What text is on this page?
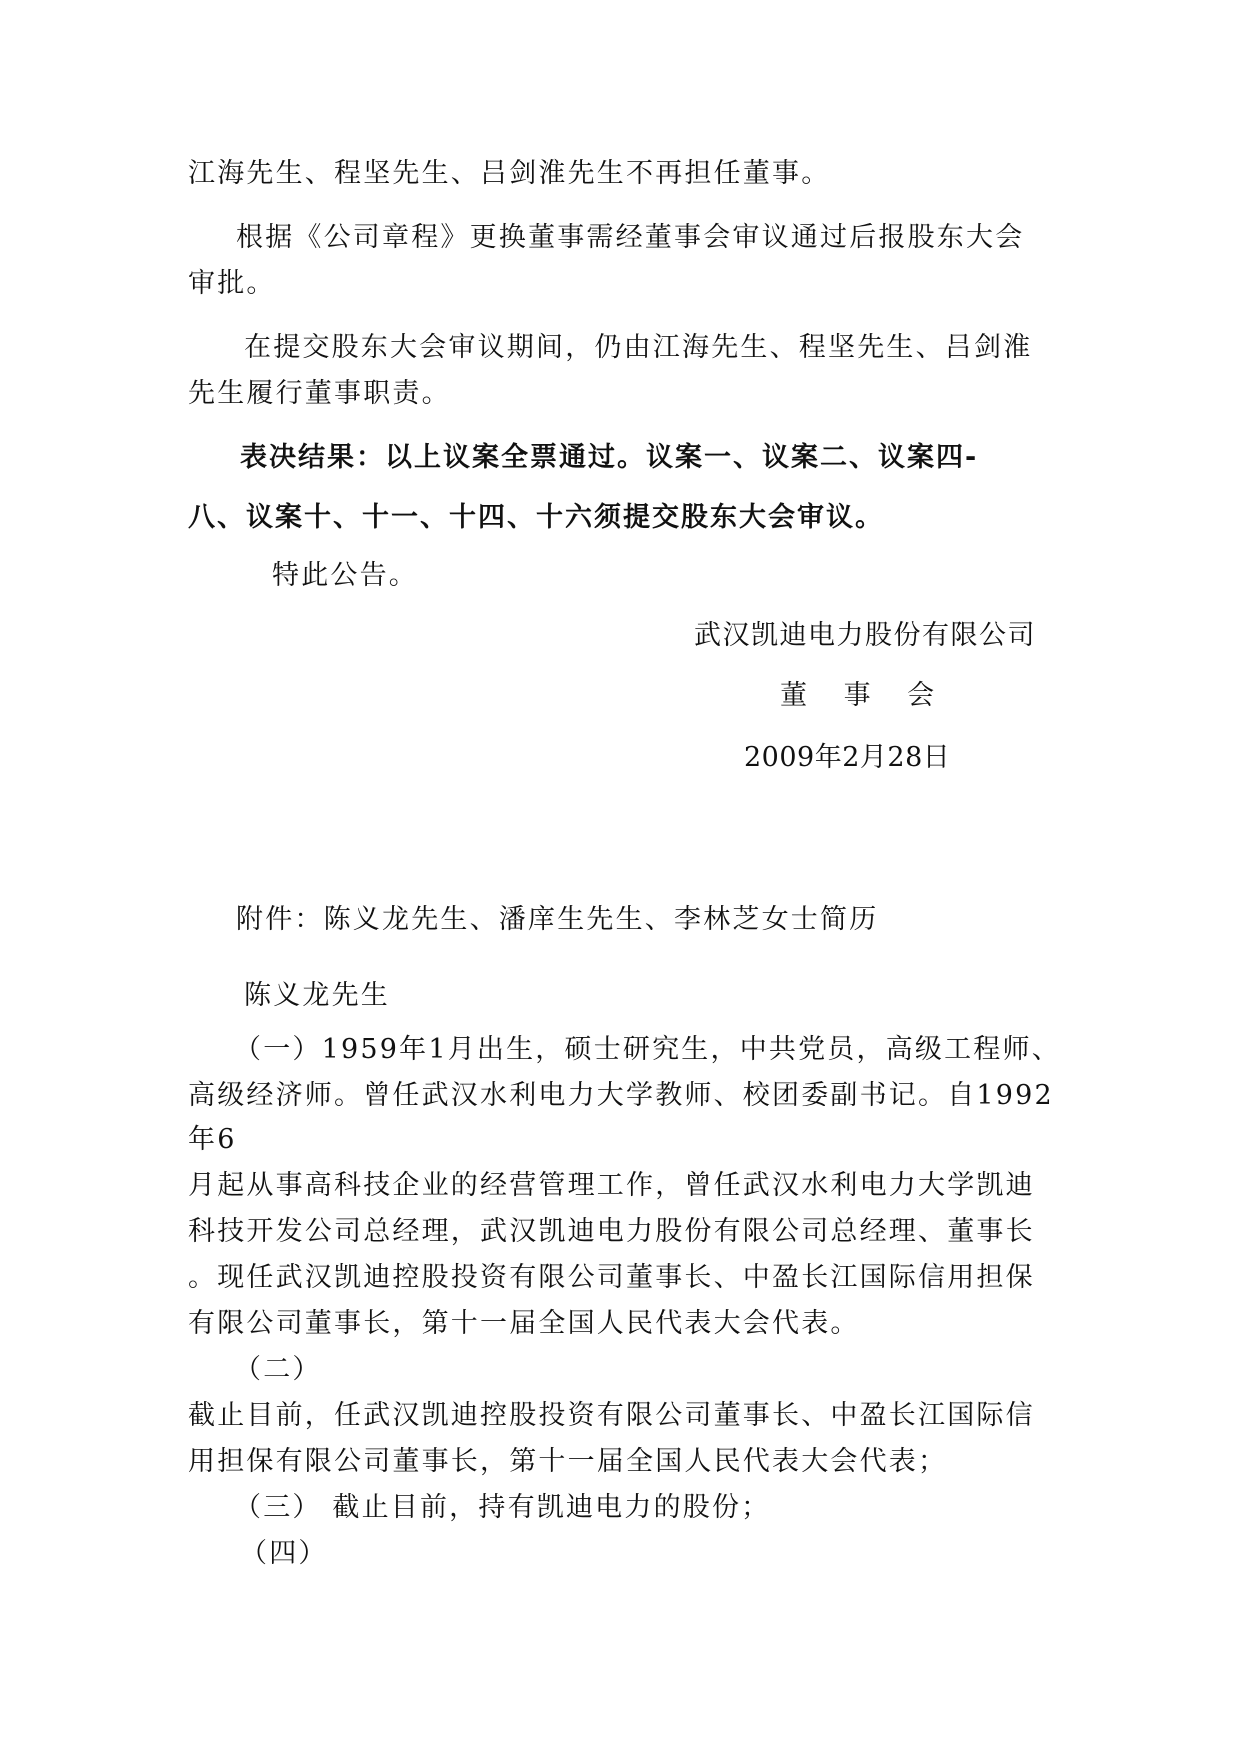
江海先生、程坚先生、吕剑淮先生不再担任董事。
根据《公司章程》更换董事需经董事会审议通过后报股东大会
审批。
在提交股东大会审议期间，仍由江海先生、程坚先生、吕剑淮
先生履行董事职责。
表决结果：以上议案全票通过。议案一、议案二、议案四-
八、议案十、十一、十四、十六须提交股东大会审议。
特此公告。
武汉凯迪电力股份有限公司
董 事 会
2009年2月28日
附件：陈义龙先生、潘庠生先生、李林芝女士简历
陈义龙先生
（一）1959年1月出生，硕士研究生，中共党员，高级工程师、
高级经济师。曾任武汉水利电力大学教师、校团委副书记。自1992
年6
月起从事高科技企业的经营管理工作，曾任武汉水利电力大学凯迪
科技开发公司总经理，武汉凯迪电力股份有限公司总经理、董事长
。现任武汉凯迪控股投资有限公司董事长、中盈长江国际信用担保
有限公司董事长，第十一届全国人民代表大会代表。
（二）
截止目前，任武汉凯迪控股投资有限公司董事长、中盈长江国际信
用担保有限公司董事长，第十一届全国人民代表大会代表；
（三） 截止目前，持有凯迪电力的股份；
（四）
